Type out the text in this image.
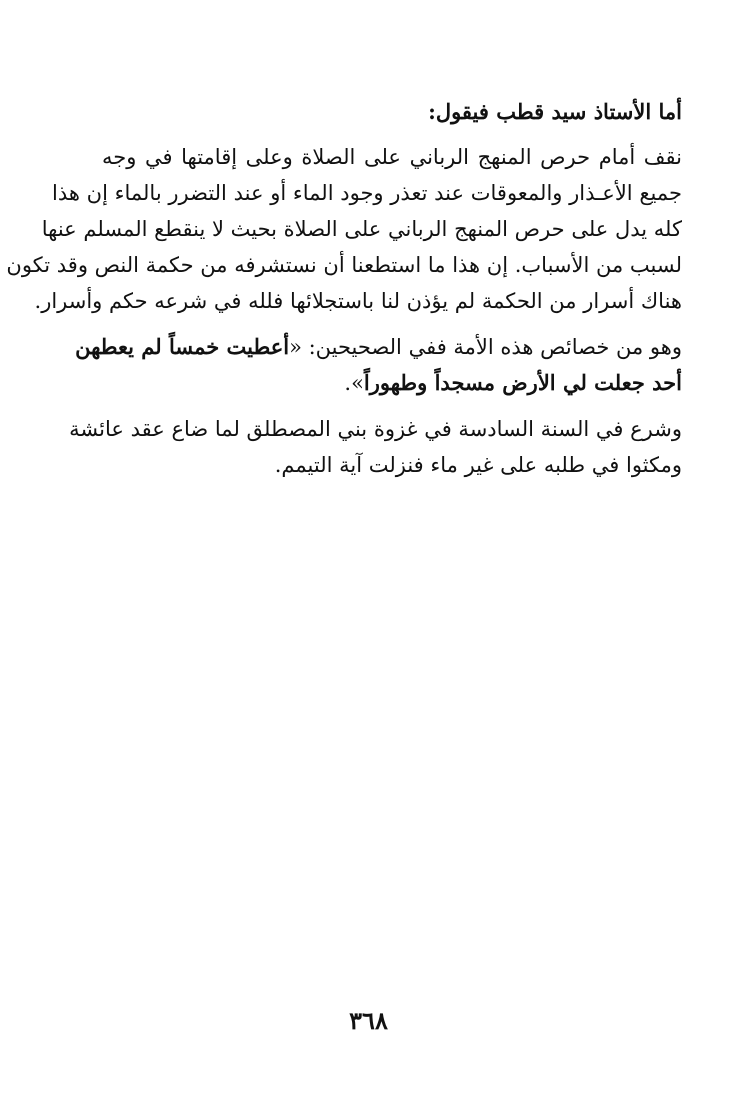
أما الأستاذ سيد قطب فيقول:
نقف أمام حرص المنهج الرباني على الصلاة وعلى إقامتها في وجه
جميع الأعـذار والمعوقات عند تعذر وجود الماء أو عند التضرر بالماء إن هذا
كله يدل على حرص المنهج الرباني على الصلاة بحيث لا ينقطع المسلم عنها
لسبب من الأسباب. إن هذا ما استطعنا أن نستشرفه من حكمة النص وقد تكون
هناك أسرار من الحكمة لم يؤذن لنا باستجلائها فلله في شرعه حكم وأسرار.
وهو من خصائص هذه الأمة ففي الصحيحين: «أعطيت خمساً لم يعطهن
أحد جعلت لي الأرض مسجداً وطهوراً».
وشرع في السنة السادسة في غزوة بني المصطلق لما ضاع عقد عائشة
ومكثوا في طلبه على غير ماء فنزلت آية التيمم.
٣٦٨
